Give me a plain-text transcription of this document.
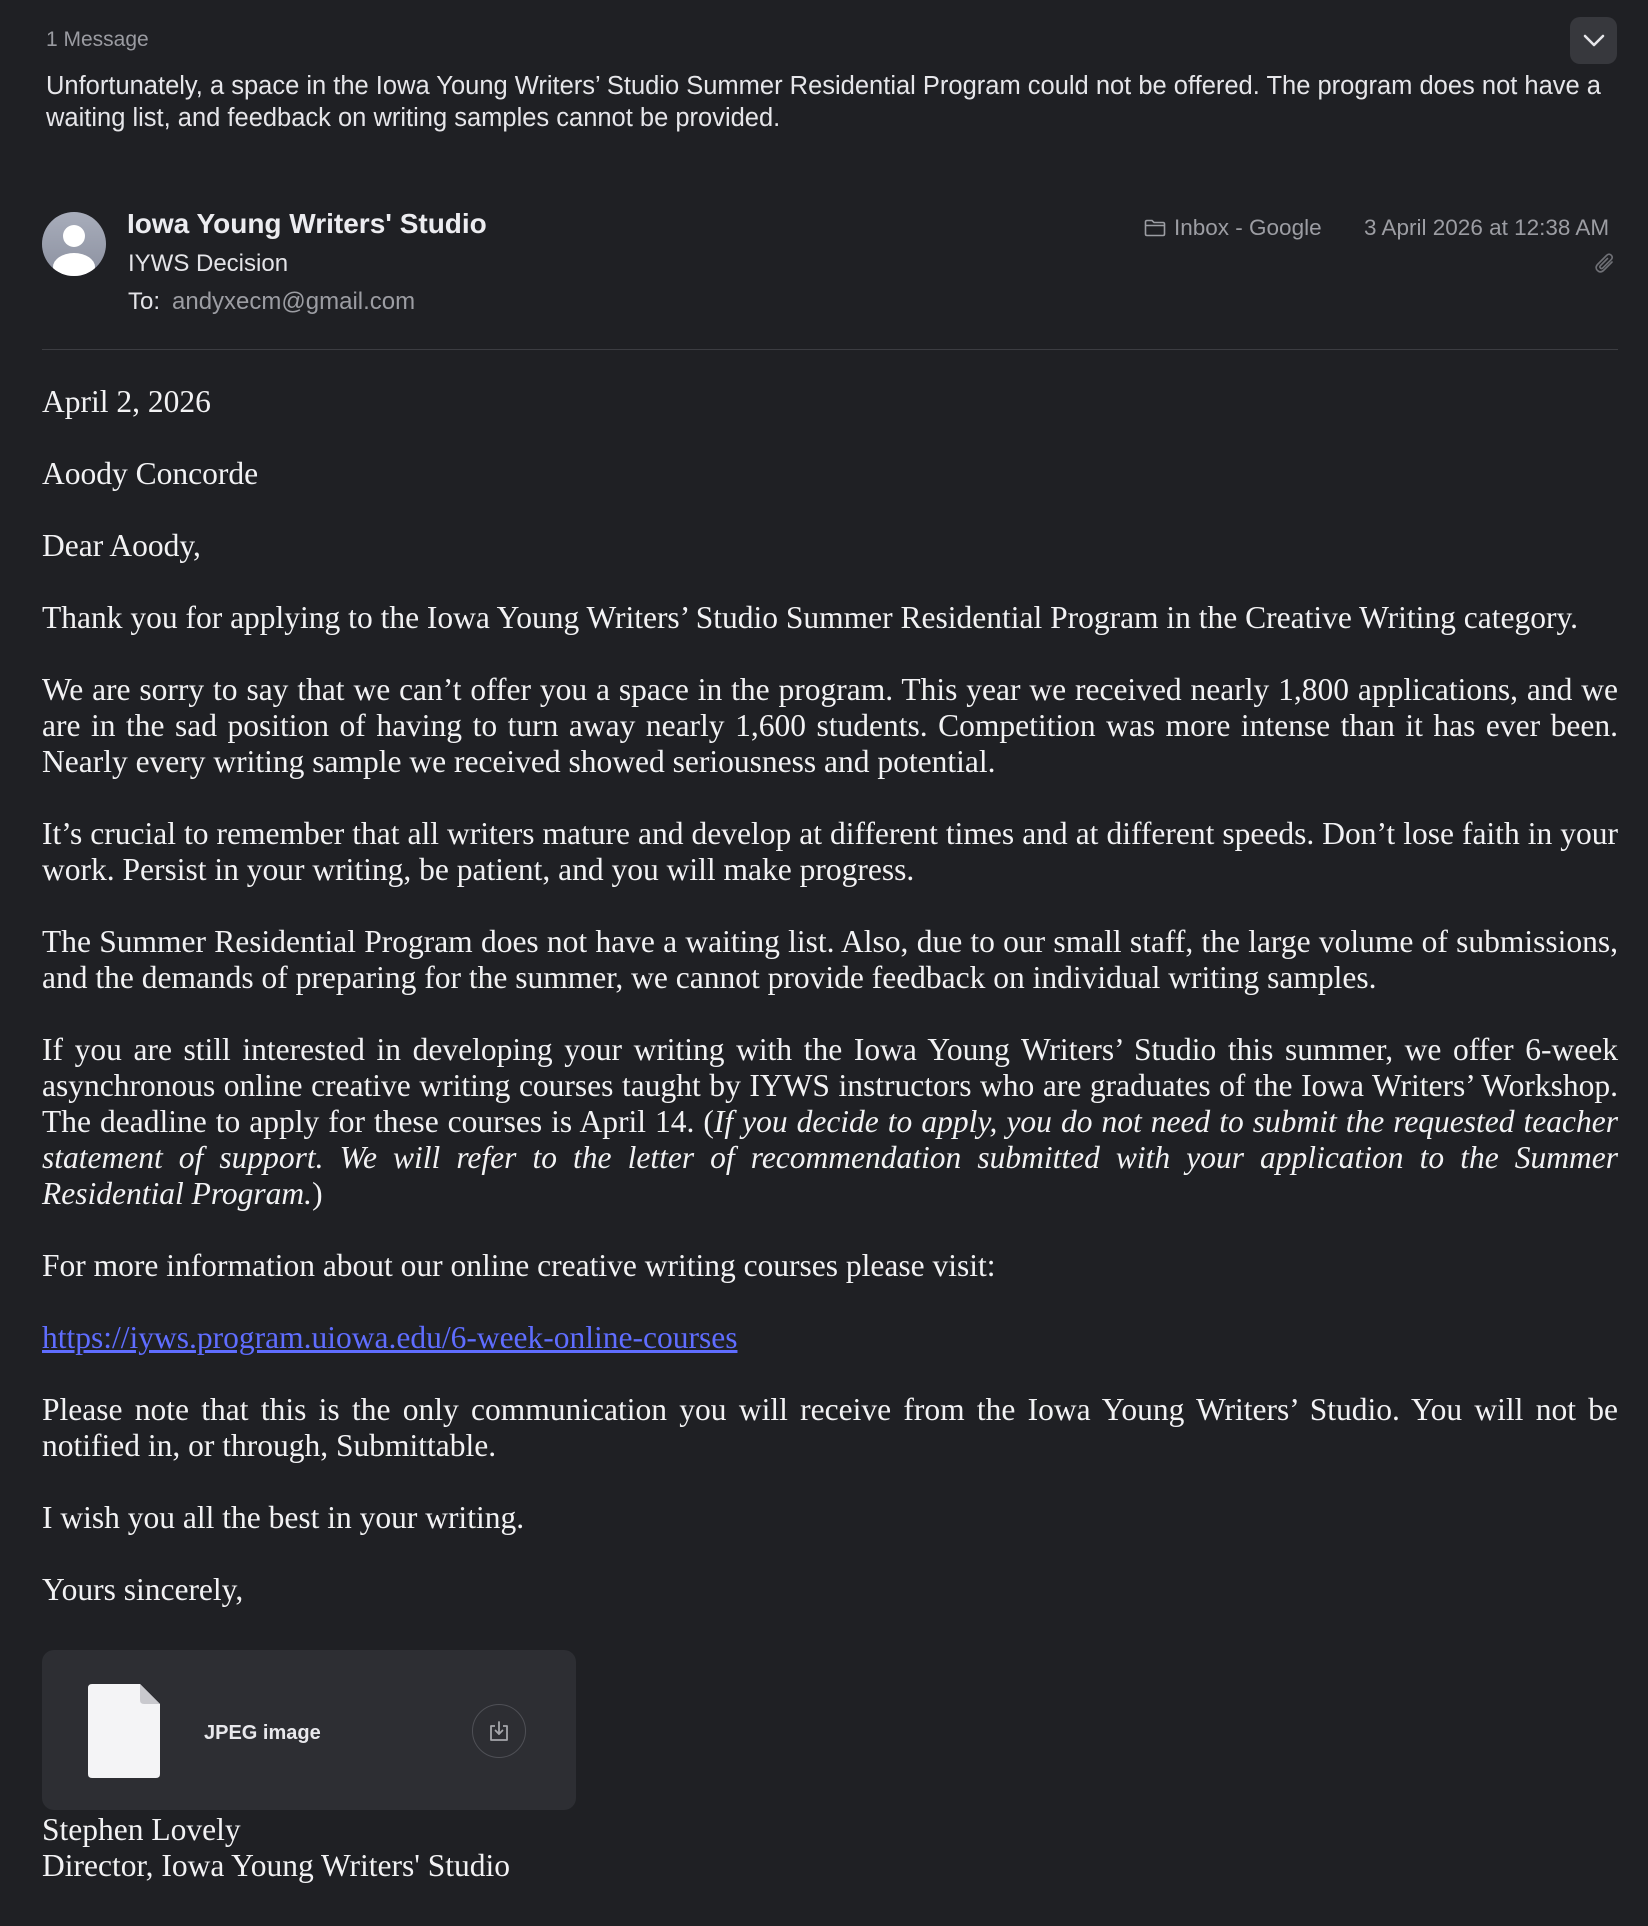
1 Message
Unfortunately, a space in the Iowa Young Writers’ Studio Summer Residential Program could not be offered. The program does not have a waiting list, and feedback on writing samples cannot be provided.
Iowa Young Writers' Studio
IYWS Decision
To: andyxecm@gmail.com
Inbox - Google 3 April 2026 at 12:38 AM

April 2, 2026

Aoody Concorde

Dear Aoody,

Thank you for applying to the Iowa Young Writers’ Studio Summer Residential Program in the Creative Writing category.

We are sorry to say that we can’t offer you a space in the program. This year we received nearly 1,800 applications, and we are in the sad position of having to turn away nearly 1,600 students. Competition was more intense than it has ever been. Nearly every writing sample we received showed seriousness and potential.

It’s crucial to remember that all writers mature and develop at different times and at different speeds. Don’t lose faith in your work. Persist in your writing, be patient, and you will make progress.

The Summer Residential Program does not have a waiting list. Also, due to our small staff, the large volume of submissions, and the demands of preparing for the summer, we cannot provide feedback on individual writing samples.

If you are still interested in developing your writing with the Iowa Young Writers’ Studio this summer, we offer 6-week asynchronous online creative writing courses taught by IYWS instructors who are graduates of the Iowa Writers’ Workshop. The deadline to apply for these courses is April 14. (If you decide to apply, you do not need to submit the requested teacher statement of support. We will refer to the letter of recommendation submitted with your application to the Summer Residential Program.)

For more information about our online creative writing courses please visit:

https://iyws.program.uiowa.edu/6-week-online-courses

Please note that this is the only communication you will receive from the Iowa Young Writers’ Studio. You will not be notified in, or through, Submittable.

I wish you all the best in your writing.

Yours sincerely,

JPEG image
Stephen Lovely
Director, Iowa Young Writers' Studio
